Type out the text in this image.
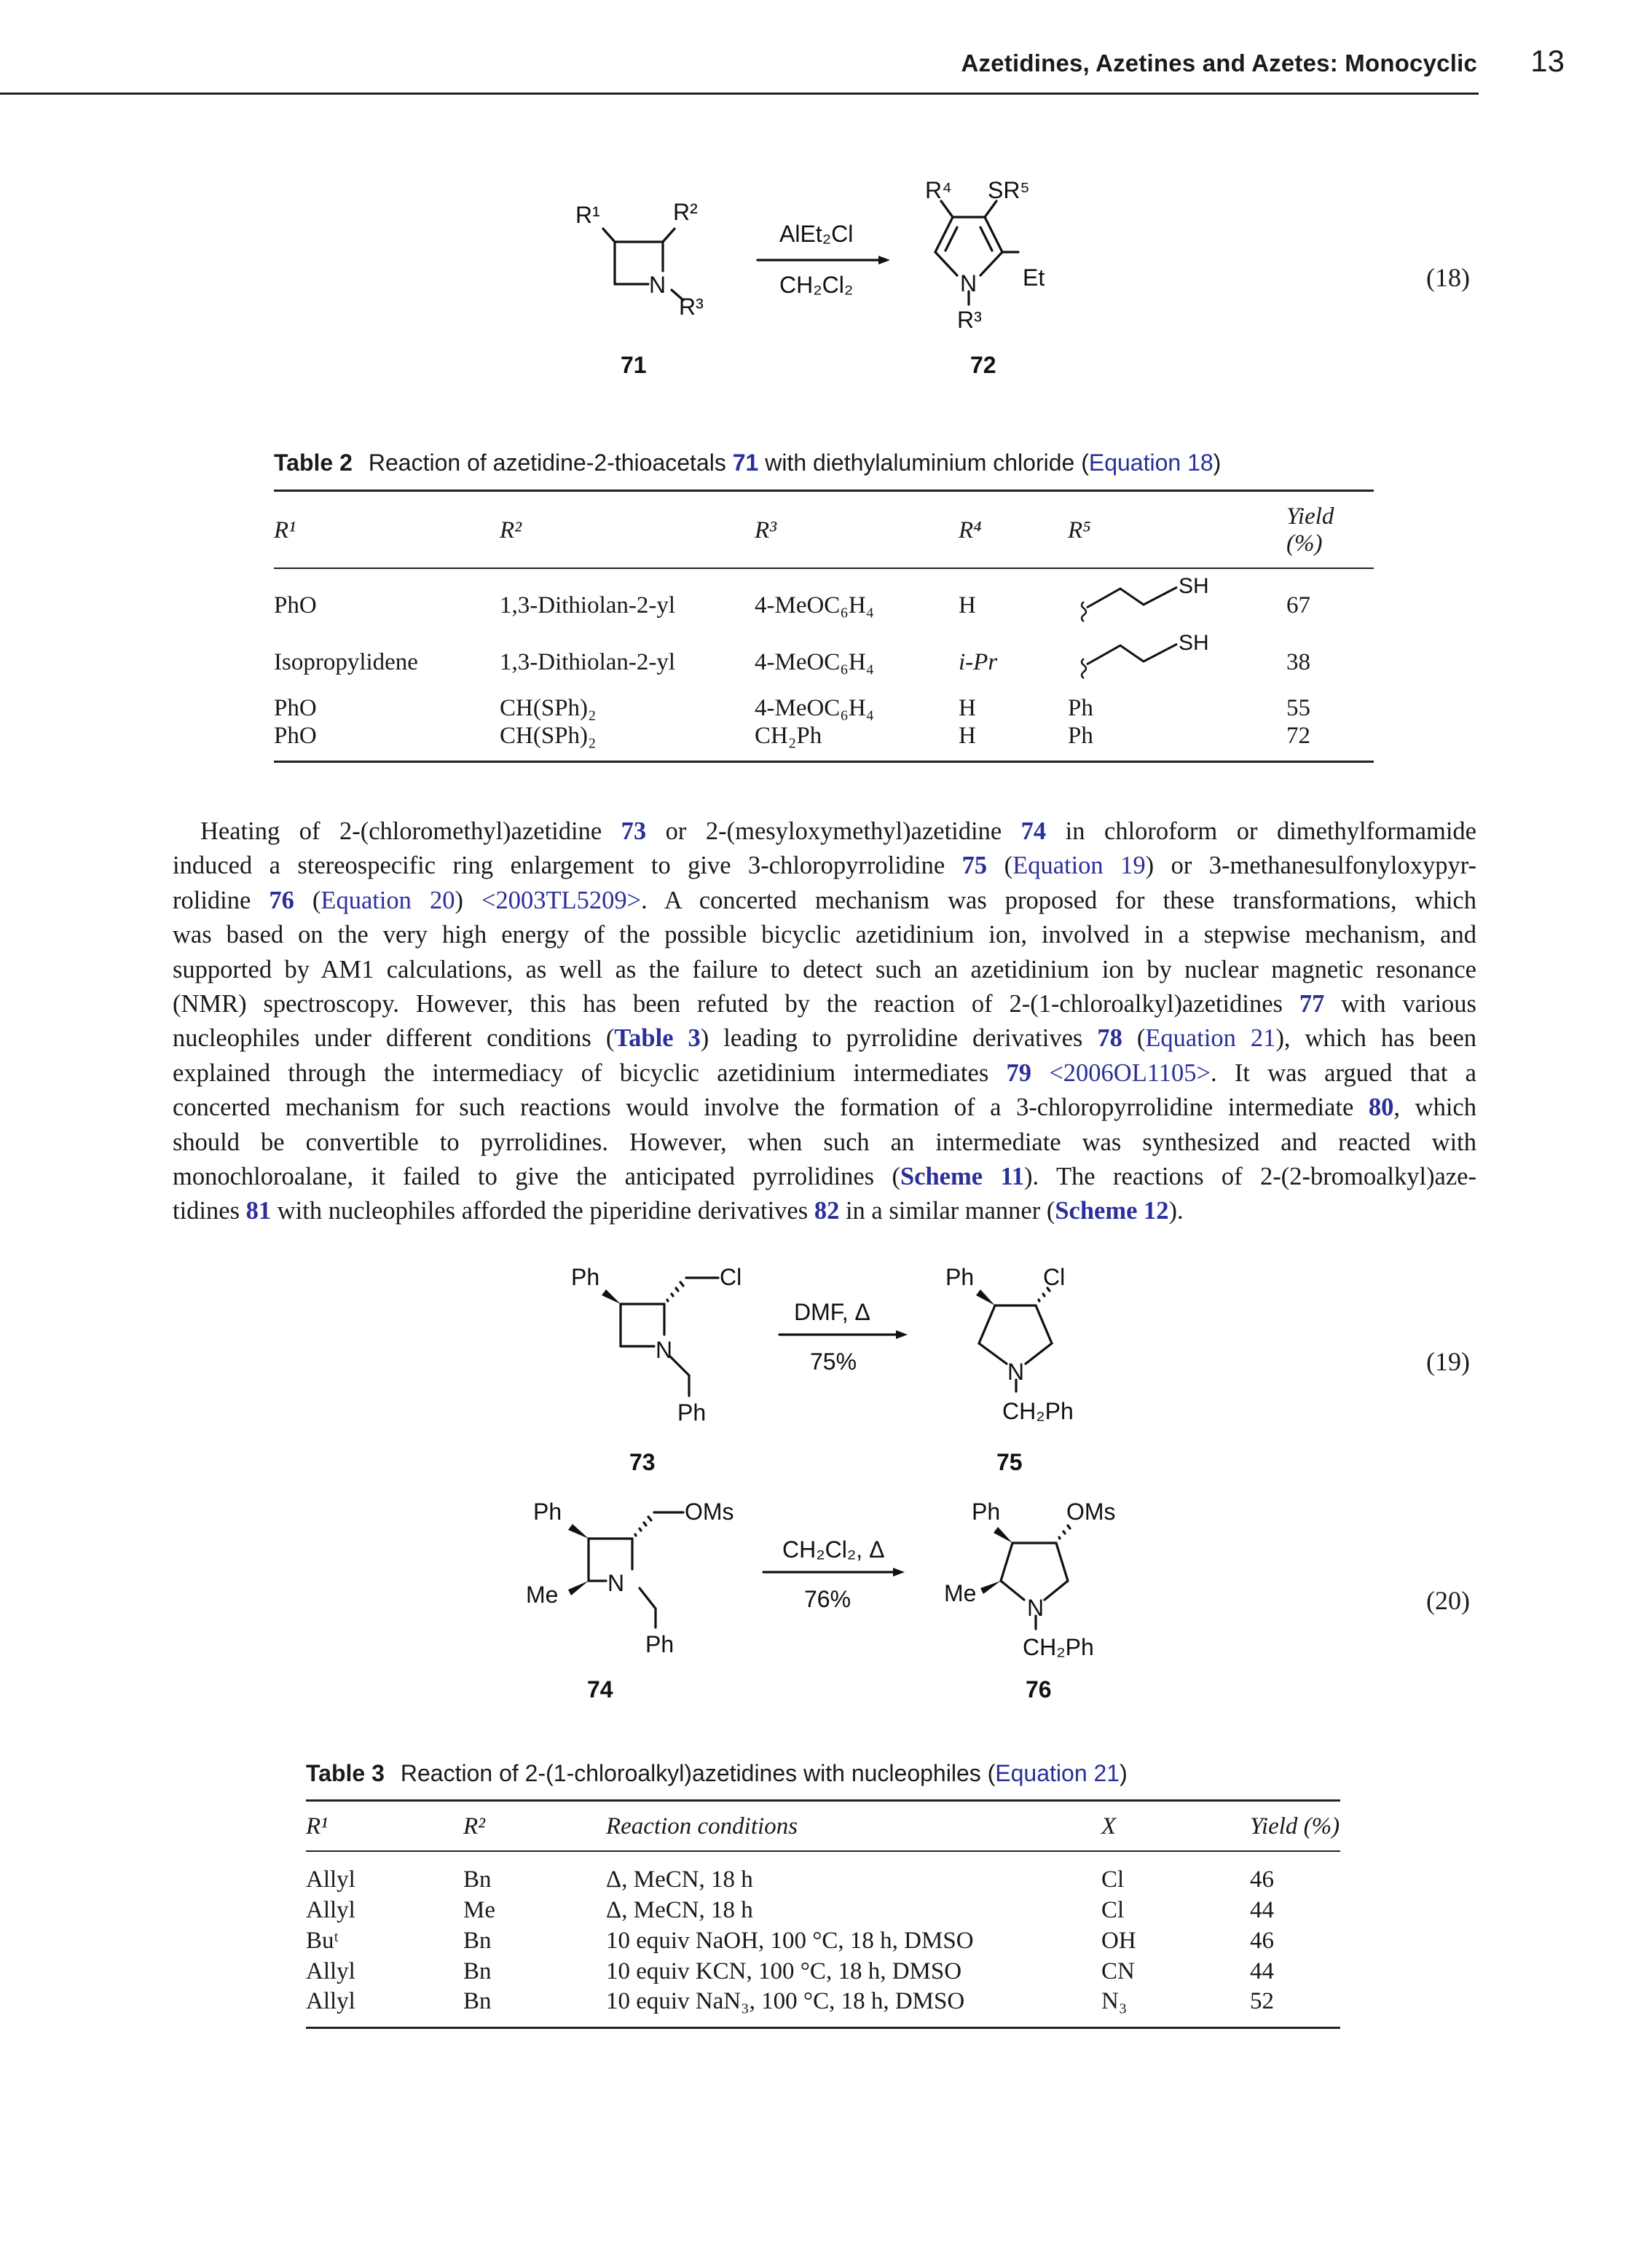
Azetidines, Azetines and Azetes: Monocyclic 13
R¹	R²
N
R³
AlEt₂Cl
CH₂Cl₂
R⁴ SR⁵
N Et
R³
71	72
(18)
Table 2 Reaction of azetidine-2-thioacetals 71 with diethylaluminium chloride (Equation 18)
R¹	R²	R³	R⁴	R⁵	Yield (%)
PhO	1,3-Dithiolan-2-yl	4-MeOC₆H₄	H	SH	67
Isopropylidene	1,3-Dithiolan-2-yl	4-MeOC₆H₄	i-Pr	SH	38
PhO	CH(SPh)₂	4-MeOC₆H₄	H	Ph	55
PhO	CH(SPh)₂	CH₂Ph	H	Ph	72
Heating of 2-(chloromethyl)azetidine 73 or 2-(mesyloxymethyl)azetidine 74 in chloroform or dimethylformamide
induced a stereospecific ring enlargement to give 3-chloropyrrolidine 75 (Equation 19) or 3-methanesulfonyloxypyr-
rolidine 76 (Equation 20) <2003TL5209>. A concerted mechanism was proposed for these transformations, which
was based on the very high energy of the possible bicyclic azetidinium ion, involved in a stepwise mechanism, and
supported by AM1 calculations, as well as the failure to detect such an azetidinium ion by nuclear magnetic resonance
(NMR) spectroscopy. However, this has been refuted by the reaction of 2-(1-chloroalkyl)azetidines 77 with various
nucleophiles under different conditions (Table 3) leading to pyrrolidine derivatives 78 (Equation 21), which has been
explained through the intermediacy of bicyclic azetidinium intermediates 79 <2006OL1105>. It was argued that a
concerted mechanism for such reactions would involve the formation of a 3-chloropyrrolidine intermediate 80, which
should be convertible to pyrrolidines. However, when such an intermediate was synthesized and reacted with
monochloroalane, it failed to give the anticipated pyrrolidines (Scheme 11). The reactions of 2-(2-bromoalkyl)aze-
tidines 81 with nucleophiles afforded the piperidine derivatives 82 in a similar manner (Scheme 12).
Ph	Cl
N
Ph
DMF, Δ
75%
Ph	Cl
N
CH₂Ph
73	75
(19)
Ph	OMs
N
Me
Ph
CH₂Cl₂, Δ
76%
Ph	OMs
N
Me
CH₂Ph
74	76
(20)
Table 3 Reaction of 2-(1-chloroalkyl)azetidines with nucleophiles (Equation 21)
R¹	R²	Reaction conditions	X	Yield (%)
Allyl	Bn	Δ, MeCN, 18 h	Cl	46
Allyl	Me	Δ, MeCN, 18 h	Cl	44
Buᵗ	Bn	10 equiv NaOH, 100 °C, 18 h, DMSO	OH	46
Allyl	Bn	10 equiv KCN, 100 °C, 18 h, DMSO	CN	44
Allyl	Bn	10 equiv NaN₃, 100 °C, 18 h, DMSO	N₃	52
